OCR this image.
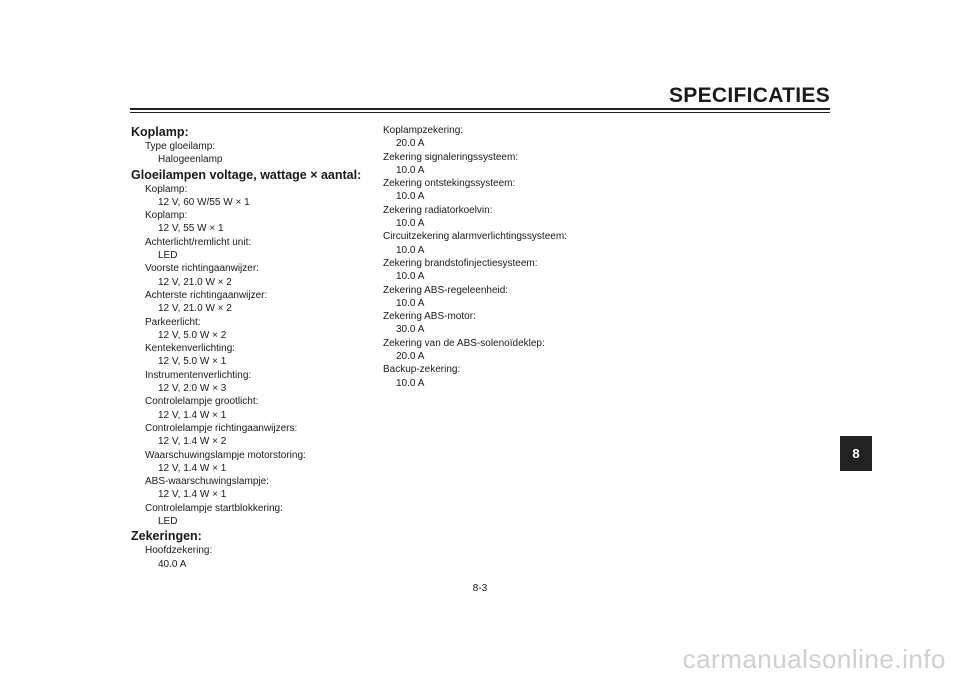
SPECIFICATIES
Koplamp:
Type gloeilamp:
Halogeenlamp
Gloeilampen voltage, wattage × aantal:
Koplamp:
12 V, 60 W/55 W × 1
Koplamp:
12 V, 55 W × 1
Achterlicht/remlicht unit:
LED
Voorste richtingaanwijzer:
12 V, 21.0 W × 2
Achterste richtingaanwijzer:
12 V, 21.0 W × 2
Parkeerlicht:
12 V, 5.0 W × 2
Kentekenverlichting:
12 V, 5.0 W × 1
Instrumentenverlichting:
12 V, 2.0 W × 3
Controlelampje grootlicht:
12 V, 1.4 W × 1
Controlelampje richtingaanwijzers:
12 V, 1.4 W × 2
Waarschuwingslampje motorstoring:
12 V, 1.4 W × 1
ABS-waarschuwingslampje:
12 V, 1.4 W × 1
Controlelampje startblokkering:
LED
Zekeringen:
Hoofdzekering:
40.0 A
Koplampzekering:
20.0 A
Zekering signaleringssysteem:
10.0 A
Zekering ontstekingssysteem:
10.0 A
Zekering radiatorkoelvin:
10.0 A
Circuitzekering alarmverlichtingssysteem:
10.0 A
Zekering brandstofinjectiesysteem:
10.0 A
Zekering ABS-regeleenheid:
10.0 A
Zekering ABS-motor:
30.0 A
Zekering van de ABS-solenoïdeklep:
20.0 A
Backup-zekering:
10.0 A
8
8-3
carmanualsonline.info
